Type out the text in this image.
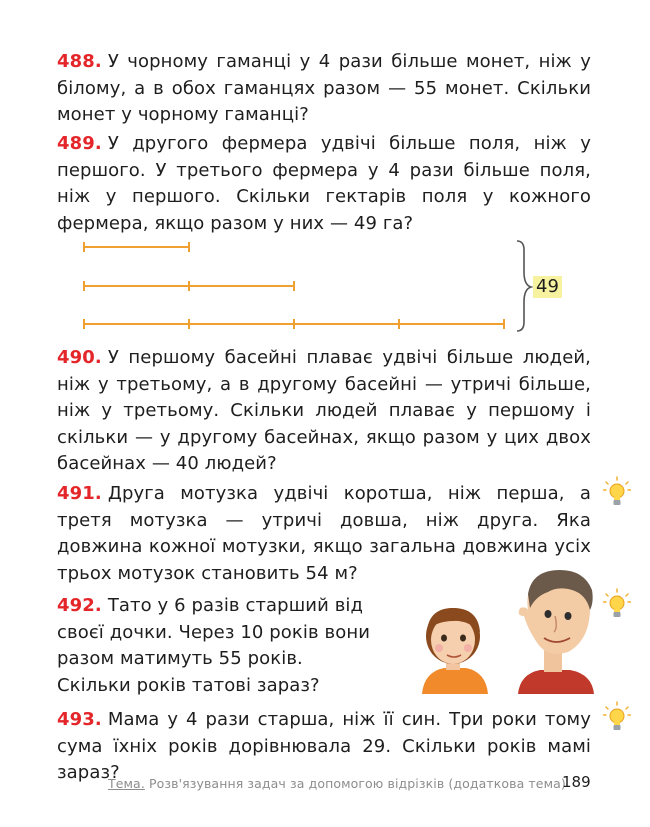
488. У чорному гаманці у 4 рази більше монет, ніж у білому, а в обох гаманцях разом — 55 монет. Скільки монет у чорному гаманці?
489. У другого фермера удвічі більше поля, ніж у першого. У третього фермера у 4 рази більше поля, ніж у першого. Скільки гектарів поля у кожного фермера, якщо разом у них — 49 га?
49
490. У першому басейні плаває удвічі більше людей, ніж у третьому, а в другому басейні — утричі більше, ніж у третьому. Скільки людей плаває у першому і скільки — у другому басейнах, якщо разом у цих двох басейнах — 40 людей?
491. Друга мотузка удвічі коротша, ніж перша, а третя мотузка — утричі довша, ніж друга. Яка довжина кожної мотузки, якщо загальна довжина усіх трьох мотузок становить 54 м?
492. Тато у 6 разів старший від своєї дочки. Через 10 років вони разом матимуть 55 років. Скільки років татові зараз?
493. Мама у 4 рази старша, ніж її син. Три роки тому сума їхніх років дорівнювала 29. Скільки років мамі зараз?
Тема. Розв'язування задач за допомогою відрізків (додаткова тема)
189
